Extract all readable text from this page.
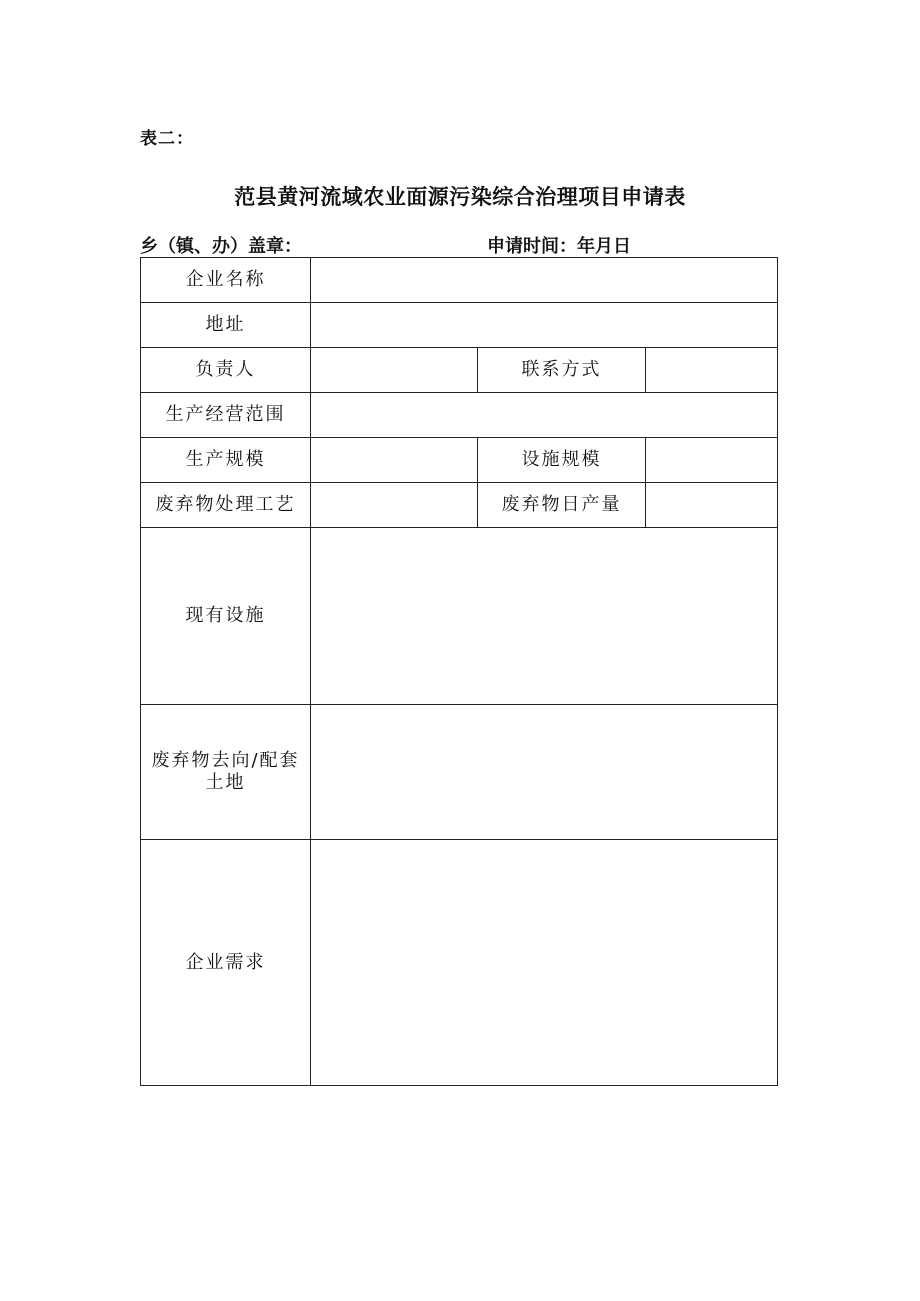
表二：
范县黄河流域农业面源污染综合治理项目申请表
乡（镇、办）盖章：	申请时间：年月日
企业名称			
地址			
负责人		联系方式	
生产经营范围			
生产规模		设施规模	
废弃物处理工艺		废弃物日产量	
现有设施			

废弃物去向/配套
土地			

企业需求			
